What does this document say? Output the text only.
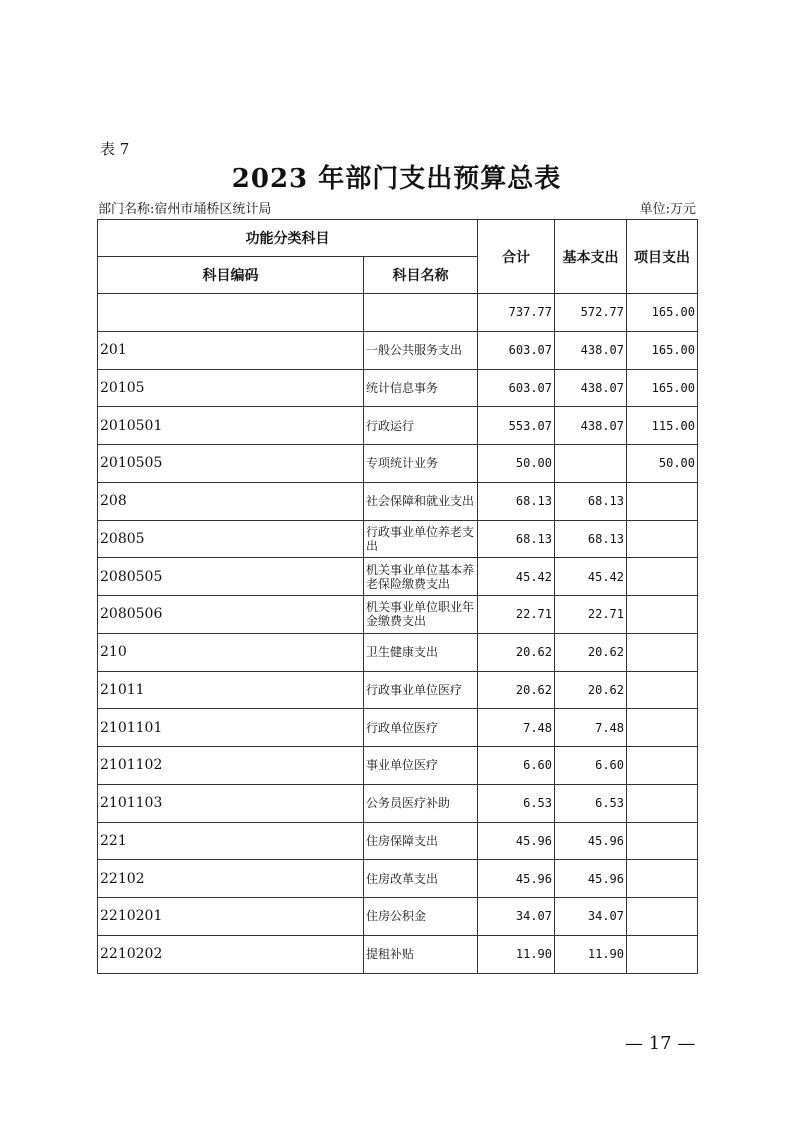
表 7
2023 年部门支出预算总表
部门名称:宿州市埇桥区统计局	单位:万元
功能分类科目		合计	基本支出	项目支出
科目编码	科目名称			
		737.77	572.77	165.00
201	一般公共服务支出	603.07	438.07	165.00
20105	统计信息事务	603.07	438.07	165.00
2010501	行政运行	553.07	438.07	115.00
2010505	专项统计业务	50.00		50.00
208	社会保障和就业支出	68.13	68.13	
20805	行政事业单位养老支出	68.13	68.13	
2080505	机关事业单位基本养老保险缴费支出	45.42	45.42	
2080506	机关事业单位职业年金缴费支出	22.71	22.71	
210	卫生健康支出	20.62	20.62	
21011	行政事业单位医疗	20.62	20.62	
2101101	行政单位医疗	7.48	7.48	
2101102	事业单位医疗	6.60	6.60	
2101103	公务员医疗补助	6.53	6.53	
221	住房保障支出	45.96	45.96	
22102	住房改革支出	45.96	45.96	
2210201	住房公积金	34.07	34.07	
2210202	提租补贴	11.90	11.90	
— 17 —
